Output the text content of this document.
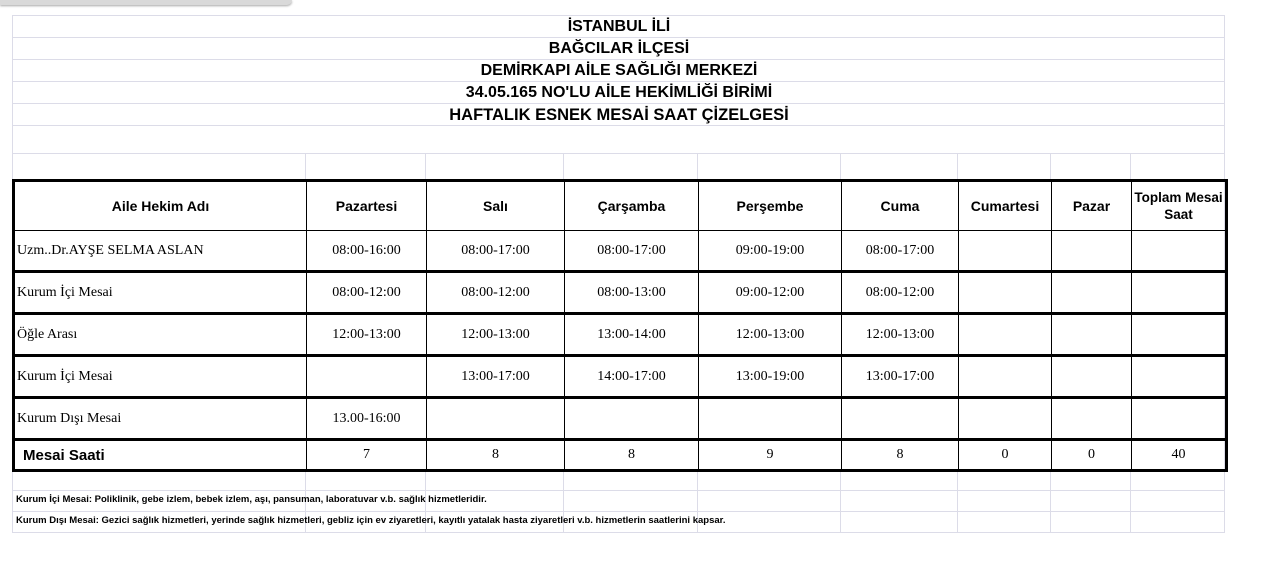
İSTANBUL İLİ
BAĞCILAR İLÇESİ
DEMİRKAPI AİLE SAĞLIĞI MERKEZİ
34.05.165 NO'LU AİLE HEKİMLİĞİ BİRİMİ
HAFTALIK ESNEK MESAİ SAAT ÇİZELGESİ
Aile Hekim Adı	Pazartesi	Salı	Çarşamba	Perşembe	Cuma	Cumartesi	Pazar	Toplam Mesai Saat
Uzm..Dr.AYŞE SELMA ASLAN	08:00-16:00	08:00-17:00	08:00-17:00	09:00-19:00	08:00-17:00			
Kurum İçi Mesai	08:00-12:00	08:00-12:00	08:00-13:00	09:00-12:00	08:00-12:00			
Öğle Arası	12:00-13:00	12:00-13:00	13:00-14:00	12:00-13:00	12:00-13:00			
Kurum İçi Mesai		13:00-17:00	14:00-17:00	13:00-19:00	13:00-17:00			
Kurum Dışı Mesai	13.00-16:00							
Mesai Saati	7	8	8	9	8	0	0	40
Kurum İçi Mesai: Poliklinik, gebe izlem, bebek izlem, aşı, pansuman, laboratuvar v.b. sağlık hizmetleridir.
Kurum Dışı Mesai: Gezici sağlık hizmetleri, yerinde sağlık hizmetleri, gebliz için ev ziyaretleri, kayıtlı yatalak hasta ziyaretleri v.b. hizmetlerin saatlerini kapsar.
